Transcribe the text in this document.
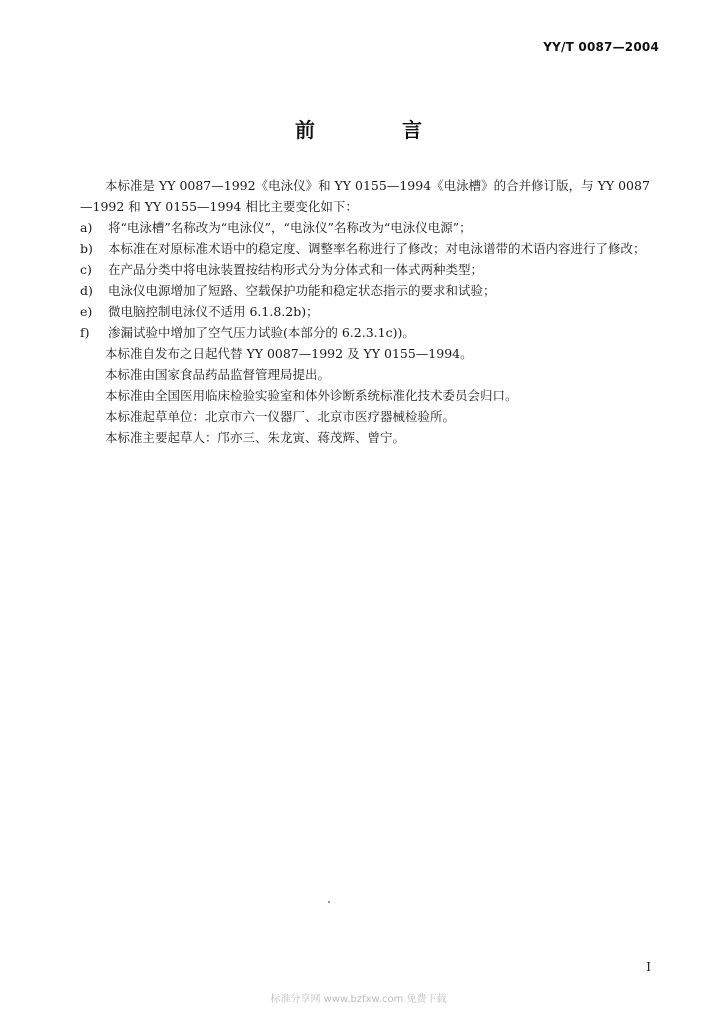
YY/T 0087—2004
前 言

本标准是 YY 0087—1992《电泳仪》和 YY 0155—1994《电泳槽》的合并修订版，与 YY 0087—1992 和 YY 0155—1994 相比主要变化如下：

a)	将“电泳槽”名称改为“电泳仪”，“电泳仪”名称改为“电泳仪电源”；
b)	本标准在对原标准术语中的稳定度、调整率名称进行了修改；对电泳谱带的术语内容进行了修改；
c)	在产品分类中将电泳装置按结构形式分为分体式和一体式两种类型；
d)	电泳仪电源增加了短路、空载保护功能和稳定状态指示的要求和试验；
e)	微电脑控制电泳仪不适用 6.1.8.2b)；
f)	渗漏试验中增加了空气压力试验(本部分的 6.2.3.1c))。

本标准自发布之日起代替 YY 0087—1992 及 YY 0155—1994。

本标准由国家食品药品监督管理局提出。

本标准由全国医用临床检验实验室和体外诊断系统标准化技术委员会归口。

本标准起草单位：北京市六一仪器厂、北京市医疗器械检验所。

本标准主要起草人：邝亦三、朱龙寅、蒋茂辉、曾宁。

I
标准分享网 www.bzfxw.com 免费下载
